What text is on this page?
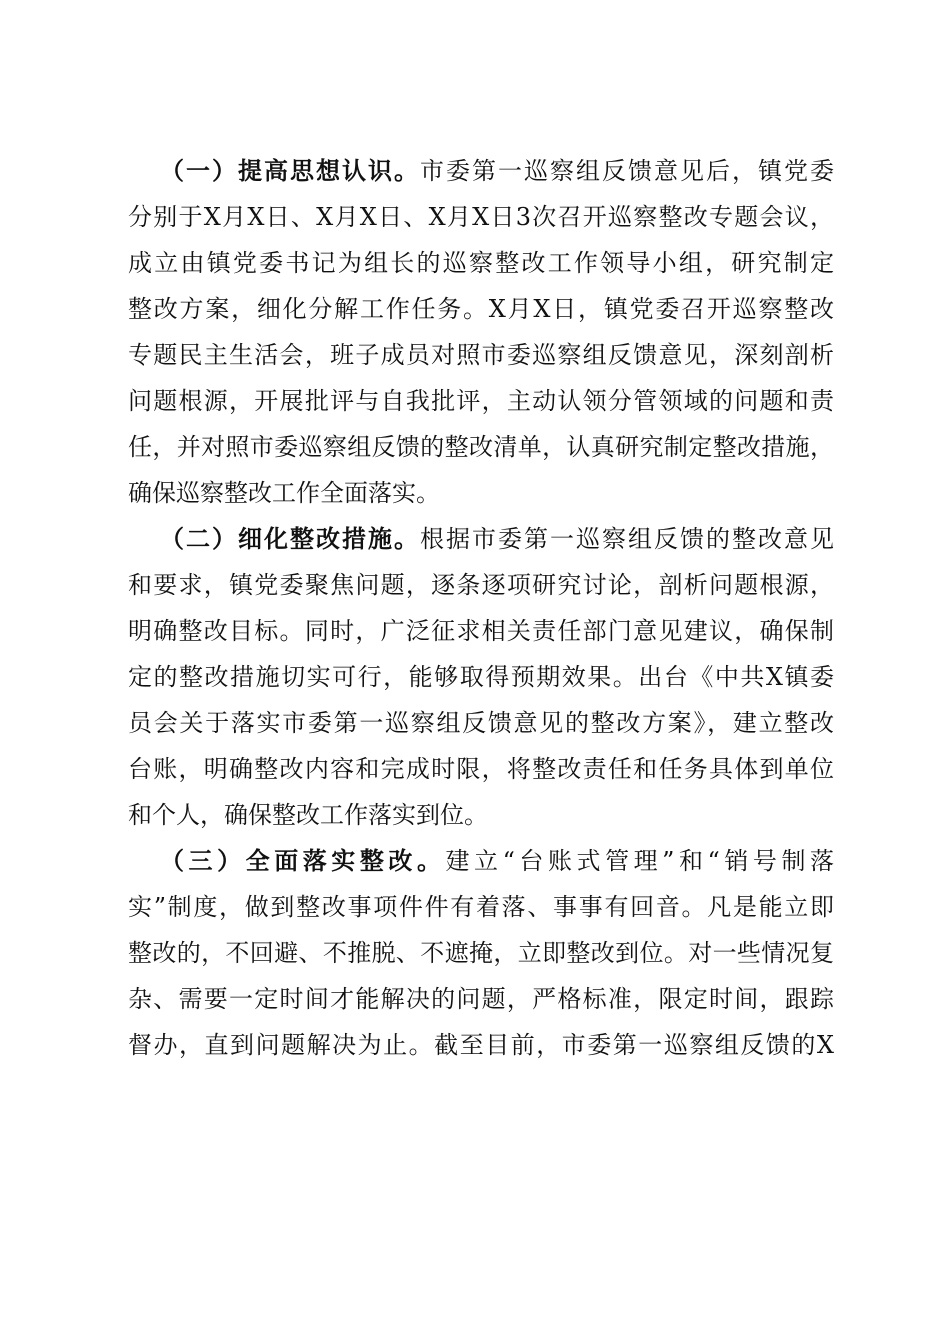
（一）提高思想认识。市委第一巡察组反馈意见后，镇党委
分别于X月X日、X月X日、X月X日3次召开巡察整改专题会议，
成立由镇党委书记为组长的巡察整改工作领导小组，研究制定
整改方案，细化分解工作任务。X月X日，镇党委召开巡察整改
专题民主生活会，班子成员对照市委巡察组反馈意见，深刻剖析
问题根源，开展批评与自我批评，主动认领分管领域的问题和责
任，并对照市委巡察组反馈的整改清单，认真研究制定整改措施，
确保巡察整改工作全面落实。
（二）细化整改措施。根据市委第一巡察组反馈的整改意见
和要求，镇党委聚焦问题，逐条逐项研究讨论，剖析问题根源，
明确整改目标。同时，广泛征求相关责任部门意见建议，确保制
定的整改措施切实可行，能够取得预期效果。出台《中共X镇委
员会关于落实市委第一巡察组反馈意见的整改方案》，建立整改
台账，明确整改内容和完成时限，将整改责任和任务具体到单位
和个人，确保整改工作落实到位。
（三）全面落实整改。建立“台账式管理”和“销号制落
实”制度，做到整改事项件件有着落、事事有回音。凡是能立即
整改的，不回避、不推脱、不遮掩，立即整改到位。对一些情况复
杂、需要一定时间才能解决的问题，严格标准，限定时间，跟踪
督办，直到问题解决为止。截至目前，市委第一巡察组反馈的X
